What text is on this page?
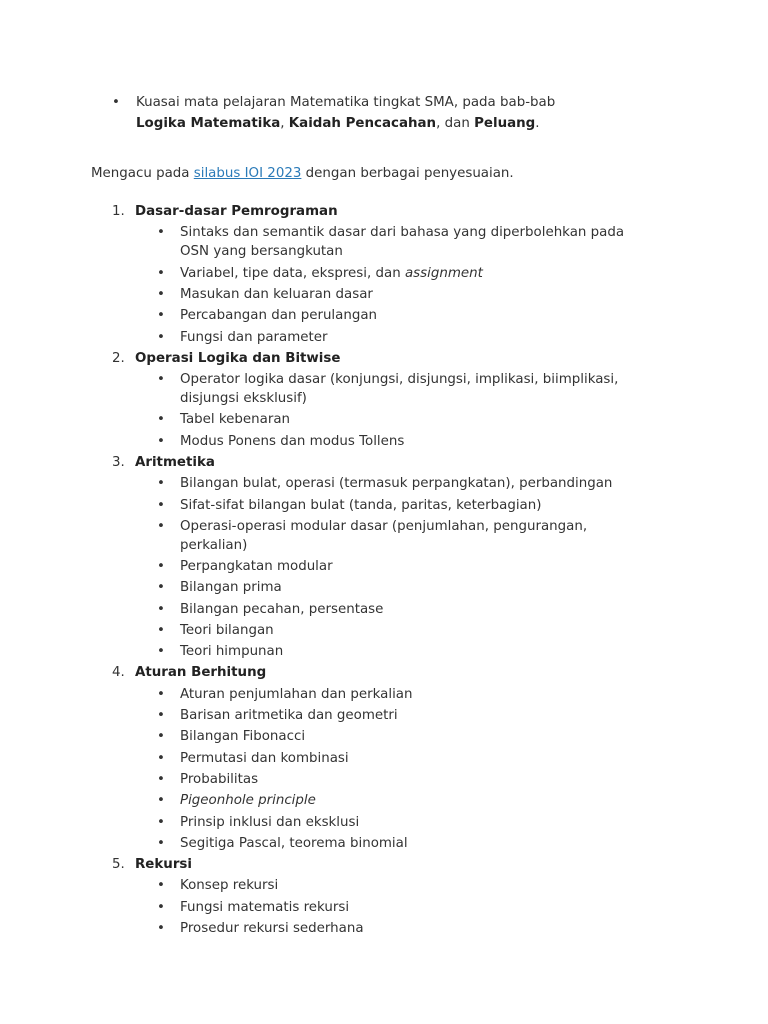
• Kuasai mata pelajaran Matematika tingkat SMA, pada bab-bab Logika Matematika, Kaidah Pencacahan, dan Peluang.

Mengacu pada silabus IOI 2023 dengan berbagai penyesuaian.

1. Dasar-dasar Pemrograman
• Sintaks dan semantik dasar dari bahasa yang diperbolehkan pada OSN yang bersangkutan
• Variabel, tipe data, ekspresi, dan assignment
• Masukan dan keluaran dasar
• Percabangan dan perulangan
• Fungsi dan parameter
2. Operasi Logika dan Bitwise
• Operator logika dasar (konjungsi, disjungsi, implikasi, biimplikasi, disjungsi eksklusif)
• Tabel kebenaran
• Modus Ponens dan modus Tollens
3. Aritmetika
• Bilangan bulat, operasi (termasuk perpangkatan), perbandingan
• Sifat-sifat bilangan bulat (tanda, paritas, keterbagian)
• Operasi-operasi modular dasar (penjumlahan, pengurangan, perkalian)
• Perpangkatan modular
• Bilangan prima
• Bilangan pecahan, persentase
• Teori bilangan
• Teori himpunan
4. Aturan Berhitung
• Aturan penjumlahan dan perkalian
• Barisan aritmetika dan geometri
• Bilangan Fibonacci
• Permutasi dan kombinasi
• Probabilitas
• Pigeonhole principle
• Prinsip inklusi dan eksklusi
• Segitiga Pascal, teorema binomial
5. Rekursi
• Konsep rekursi
• Fungsi matematis rekursi
• Prosedur rekursi sederhana
